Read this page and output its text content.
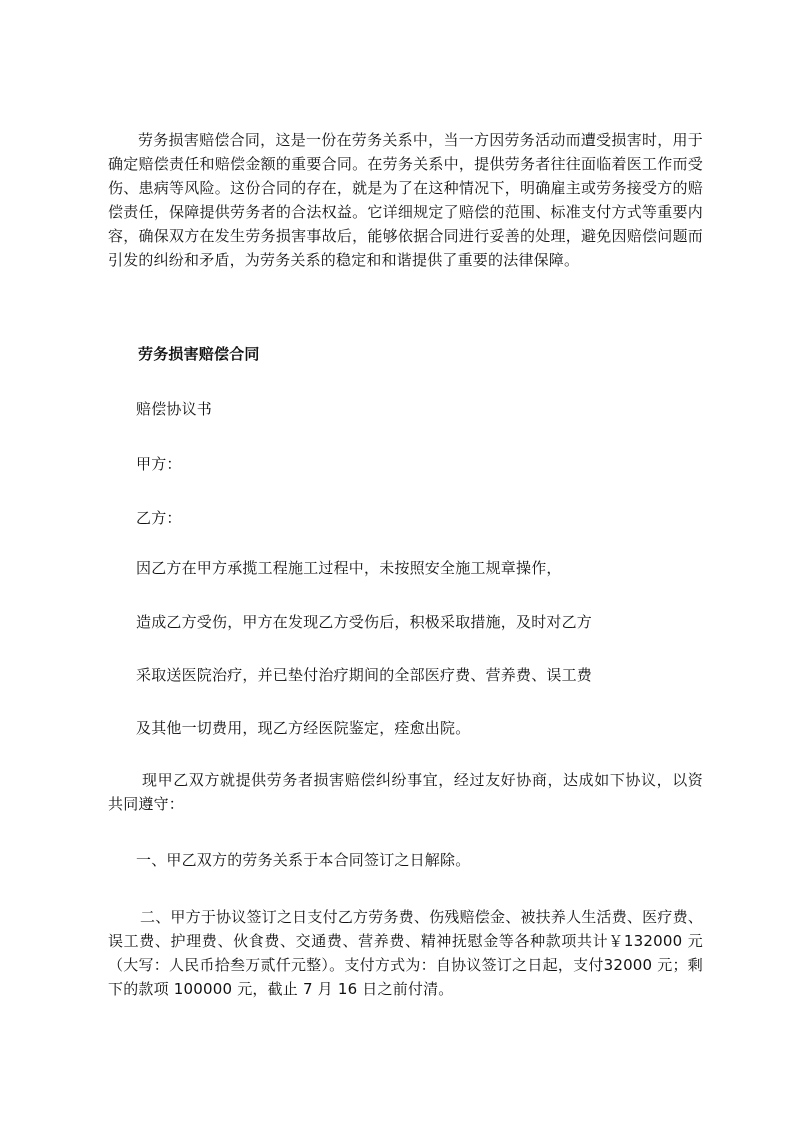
劳务损害赔偿合同，这是一份在劳务关系中，当一方因劳务活动而遭受损害时，用于确定赔偿责任和赔偿金额的重要合同。在劳务关系中，提供劳务者往往面临着医工作而受伤、患病等风险。这份合同的存在，就是为了在这种情况下，明确雇主或劳务接受方的赔偿责任，保障提供劳务者的合法权益。它详细规定了赔偿的范围、标准支付方式等重要内容，确保双方在发生劳务损害事故后，能够依据合同进行妥善的处理，避免因赔偿问题而引发的纠纷和矛盾，为劳务关系的稳定和和谐提供了重要的法律保障。
劳务损害赔偿合同
赔偿协议书
甲方：
乙方：
因乙方在甲方承揽工程施工过程中，未按照安全施工规章操作，
造成乙方受伤，甲方在发现乙方受伤后，积极采取措施，及时对乙方
采取送医院治疗，并已垫付治疗期间的全部医疗费、营养费、误工费
及其他一切费用，现乙方经医院鉴定，痊愈出院。
现甲乙双方就提供劳务者损害赔偿纠纷事宜，经过友好协商，达成如下协议，以资共同遵守：
一、甲乙双方的劳务关系于本合同签订之日解除。
二、甲方于协议签订之日支付乙方劳务费、伤残赔偿金、被扶养人生活费、医疗费、误工费、护理费、伙食费、交通费、营养费、精神抚慰金等各种款项共计￥132000 元（大写：人民币拾叁万贰仟元整）。支付方式为：自协议签订之日起，支付32000 元；剩下的款项 100000 元，截止 7 月 16 日之前付清。
